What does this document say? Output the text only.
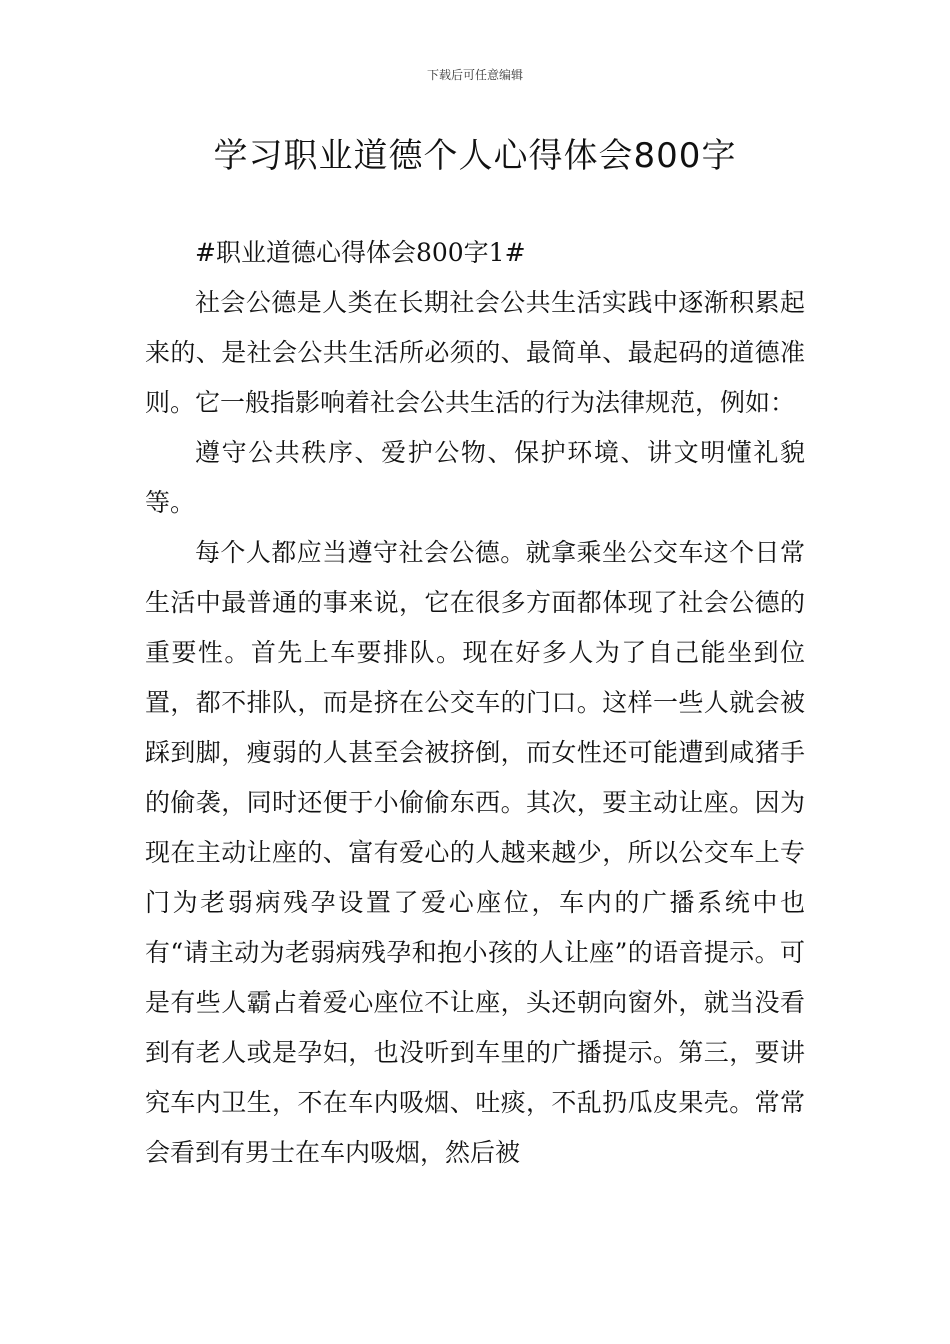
下载后可任意编辑
学习职业道德个人心得体会800字

#职业道德心得体会800字1#

社会公德是人类在长期社会公共生活实践中逐渐积累起来的、是社会公共生活所必须的、最简单、最起码的道德准则。它一般指影响着社会公共生活的行为法律规范，例如：

遵守公共秩序、爱护公物、保护环境、讲文明懂礼貌等。

每个人都应当遵守社会公德。就拿乘坐公交车这个日常生活中最普通的事来说，它在很多方面都体现了社会公德的重要性。首先上车要排队。现在好多人为了自己能坐到位置，都不排队，而是挤在公交车的门口。这样一些人就会被踩到脚，瘦弱的人甚至会被挤倒，而女性还可能遭到咸猪手的偷袭，同时还便于小偷偷东西。其次，要主动让座。因为现在主动让座的、富有爱心的人越来越少，所以公交车上专门为老弱病残孕设置了爱心座位，车内的广播系统中也有“请主动为老弱病残孕和抱小孩的人让座”的语音提示。可是有些人霸占着爱心座位不让座，头还朝向窗外，就当没看到有老人或是孕妇，也没听到车里的广播提示。第三，要讲究车内卫生，不在车内吸烟、吐痰，不乱扔瓜皮果壳。常常会看到有男士在车内吸烟，然后被
